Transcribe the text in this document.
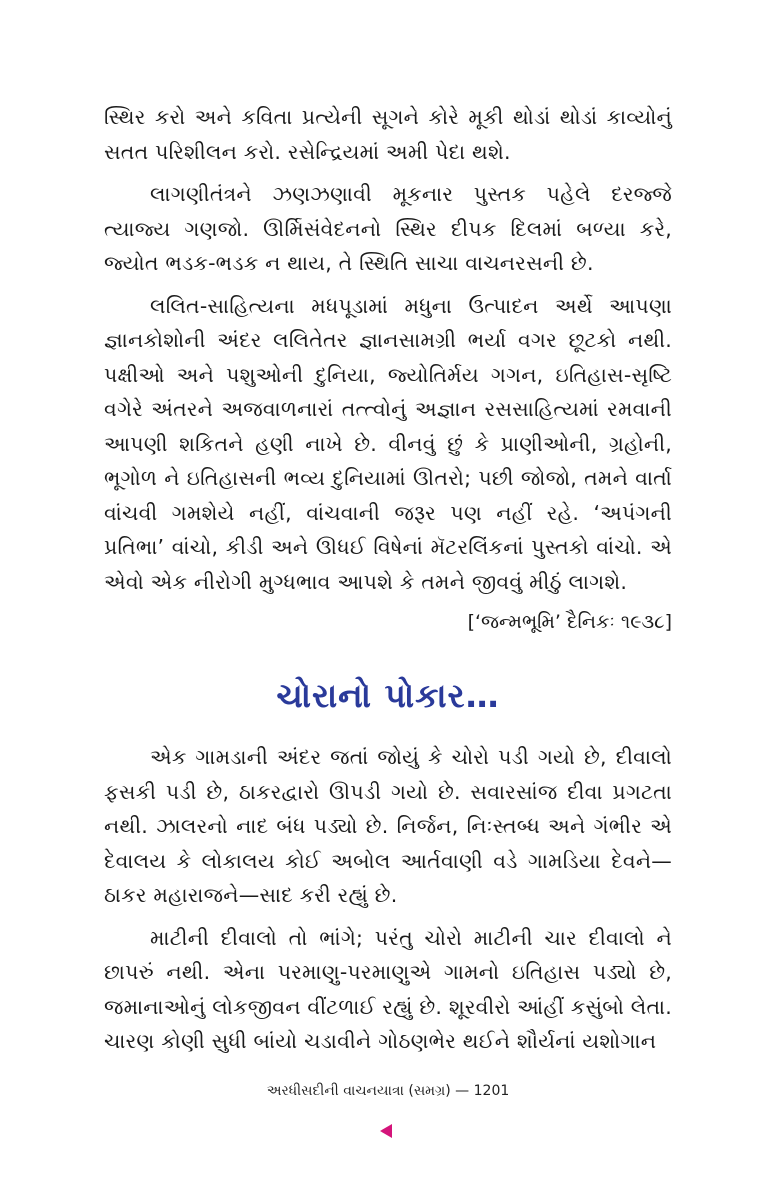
સ્થિર કરો અને કવિતા પ્રત્યેની સૂગને કોરે મૂકી થોડાં થોડાં કાવ્યોનું સતત પરિશીલન કરો. રસેન્દ્રિયમાં અમી પેદા થશે.

લાગણીતંત્રને ઝણઝણાવી મૂકનાર પુસ્તક પહેલે દરજ્જે ત્યાજ્ય ગણજો. ઊર્મિસંવેદનનો સ્થિર દીપક દિલમાં બળ્યા કરે, જ્યોત ભડક-ભડક ન થાય, તે સ્થિતિ સાચા વાચનરસની છે.

લલિત-સાહિત્યના મધપૂડામાં મધુના ઉત્પાદન અર્થે આપણા જ્ઞાનકોશોની અંદર લલિતેતર જ્ઞાનસામગ્રી ભર્યા વગર છૂટકો નથી. પક્ષીઓ અને પશુઓની દુનિયા, જ્યોતિર્મય ગગન, ઇતિહાસ-સૃષ્ટિ વગેરે અંતરને અજવાળનારાં તત્ત્વોનું અજ્ઞાન રસસાહિત્યમાં રમવાની આપણી શકિતને હણી નાખે છે. વીનવું છું કે પ્રાણીઓની, ગ્રહોની, ભૂગોળ ને ઇતિહાસની ભવ્ય દુનિયામાં ઊતરો; પછી જોજો, તમને વાર્તા વાંચવી ગમશેયે નહીં, વાંચવાની જરૂર પણ નહીં રહે. ‘અપંગની પ્રતિભા’ વાંચો, કીડી અને ઊધઈ વિષેનાં મૅટરલિંકનાં પુસ્તકો વાંચો. એ એવો એક નીરોગી મુગ્ધભાવ આપશે કે તમને જીવવું મીઠું લાગશે.

[‘જન્મભૂમિ’ દૈનિકઃ ૧૯૩૮]
ચોરાનો પોકાર…

એક ગામડાની અંદર જતાં જોયું કે ચોરો પડી ગયો છે, દીવાલો ફસકી પડી છે, ઠાકરદ્વારો ઊપડી ગયો છે. સવારસાંજ દીવા પ્રગટતા નથી. ઝાલરનો નાદ બંધ પડ્યો છે. નિર્જન, નિઃસ્તબ્ધ અને ગંભીર એ દેવાલય કે લોકાલય કોઈ અબોલ આર્તવાણી વડે ગામડિયા દેવને—ઠાકર મહારાજને—સાદ કરી રહ્યું છે.

માટીની દીવાલો તો ભાંગે; પરંતુ ચોરો માટીની ચાર દીવાલો ને છાપરું નથી. એના પરમાણુ-પરમાણુએ ગામનો ઇતિહાસ પડ્યો છે, જમાનાઓનું લોકજીવન વીંટળાઈ રહ્યું છે. શૂરવીરો આંહીં કસુંબો લેતા. ચારણ કોણી સુધી બાંયો ચડાવીને ગોઠણભેર થઈને શૌર્યનાં યશોગાન

અરધીસદીની વાચનયાત્રા (સમગ્ર) — 1201
